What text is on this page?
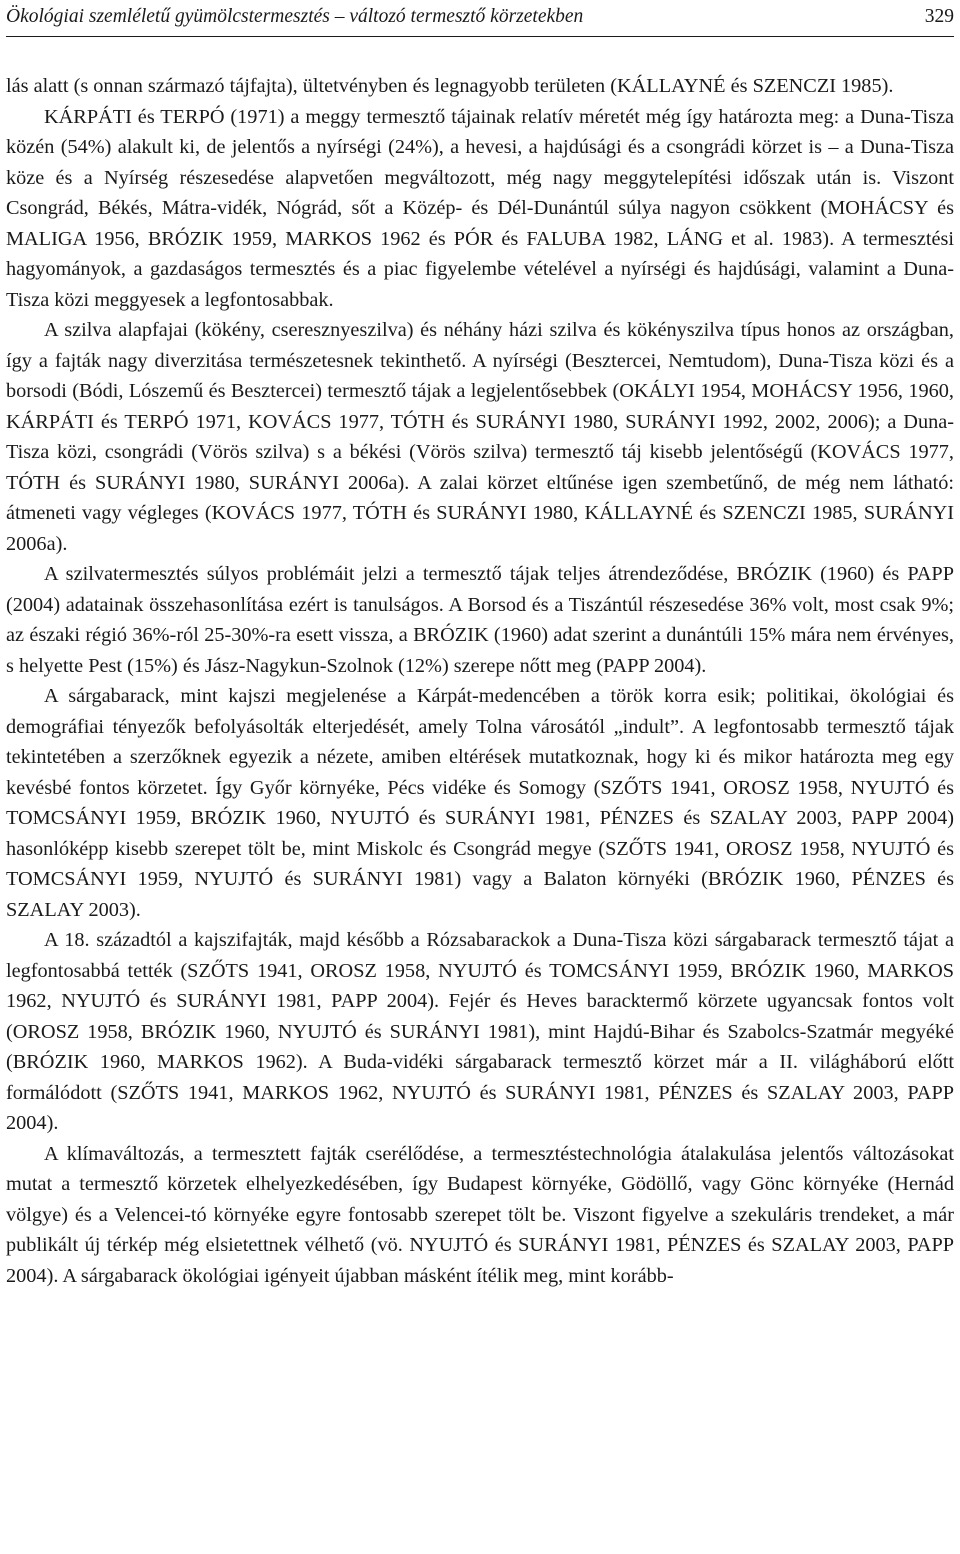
Ökológiai szemléletű gyümölcstermesztés – változó termesztő körzetekben	329

lás alatt (s onnan származó tájfajta), ültetvényben és legnagyobb területen (KÁLLAYNÉ és SZENCZI 1985).

KÁRPÁTI és TERPÓ (1971) a meggy termesztő tájainak relatív méretét még így határozta meg: a Duna-Tisza közén (54%) alakult ki, de jelentős a nyírségi (24%), a hevesi, a hajdúsági és a csongrádi körzet is – a Duna-Tisza köze és a Nyírség részesedése alapvetően megváltozott, még nagy meggytelepítési időszak után is. Viszont Csongrád, Békés, Mátra-vidék, Nógrád, sőt a Közép- és Dél-Dunántúl súlya nagyon csökkent (MOHÁCSY és MALIGA 1956, BRÓZIK 1959, MARKOS 1962 és PÓR és FALUBA 1982, LÁNG et al. 1983). A termesztési hagyományok, a gazdaságos termesztés és a piac figyelembe vételével a nyírségi és hajdúsági, valamint a Duna-Tisza közi meggyesek a legfontosabbak.

A szilva alapfajai (kökény, cseresznyeszilva) és néhány házi szilva és kökényszilva típus honos az országban, így a fajták nagy diverzitása természetesnek tekinthető. A nyírségi (Besztercei, Nemtudom), Duna-Tisza közi és a borsodi (Bódi, Lószemű és Besztercei) termesztő tájak a legjelentősebbek (OKÁLYI 1954, MOHÁCSY 1956, 1960, KÁRPÁTI és TERPÓ 1971, KOVÁCS 1977, TÓTH és SURÁNYI 1980, SURÁNYI 1992, 2002, 2006); a Duna-Tisza közi, csongrádi (Vörös szilva) s a békési (Vörös szilva) termesztő táj kisebb jelentőségű (KOVÁCS 1977, TÓTH és SURÁNYI 1980, SURÁNYI 2006a). A zalai körzet eltűnése igen szembetűnő, de még nem látható: átmeneti vagy végleges (KOVÁCS 1977, TÓTH és SURÁNYI 1980, KÁLLAYNÉ és SZENCZI 1985, SURÁNYI 2006a).

A szilvatermesztés súlyos problémáit jelzi a termesztő tájak teljes átrendeződése, BRÓZIK (1960) és PAPP (2004) adatainak összehasonlítása ezért is tanulságos. A Borsod és a Tiszántúl részesedése 36% volt, most csak 9%; az északi régió 36%-ról 25-30%-ra esett vissza, a BRÓZIK (1960) adat szerint a dunántúli 15% mára nem érvényes, s helyette Pest (15%) és Jász-Nagykun-Szolnok (12%) szerepe nőtt meg (PAPP 2004).

A sárgabarack, mint kajszi megjelenése a Kárpát-medencében a török korra esik; politikai, ökológiai és demográfiai tényezők befolyásolták elterjedését, amely Tolna városától „indult”. A legfontosabb termesztő tájak tekintetében a szerzőknek egyezik a nézete, amiben eltérések mutatkoznak, hogy ki és mikor határozta meg egy kevésbé fontos körzetet. Így Győr környéke, Pécs vidéke és Somogy (SZŐTS 1941, OROSZ 1958, NYUJTÓ és TOMCSÁNYI 1959, BRÓZIK 1960, NYUJTÓ és SURÁNYI 1981, PÉNZES és SZALAY 2003, PAPP 2004) hasonlóképp kisebb szerepet tölt be, mint Miskolc és Csongrád megye (SZŐTS 1941, OROSZ 1958, NYUJTÓ és TOMCSÁNYI 1959, NYUJTÓ és SURÁNYI 1981) vagy a Balaton környéki (BRÓZIK 1960, PÉNZES és SZALAY 2003).

A 18. századtól a kajszifajták, majd később a Rózsabarackok a Duna-Tisza közi sárgabarack termesztő tájat a legfontosabbá tették (SZŐTS 1941, OROSZ 1958, NYUJTÓ és TOMCSÁNYI 1959, BRÓZIK 1960, MARKOS 1962, NYUJTÓ és SURÁNYI 1981, PAPP 2004). Fejér és Heves baracktermő körzete ugyancsak fontos volt (OROSZ 1958, BRÓZIK 1960, NYUJTÓ és SURÁNYI 1981), mint Hajdú-Bihar és Szabolcs-Szatmár megyéké (BRÓZIK 1960, MARKOS 1962). A Buda-vidéki sárgabarack termesztő körzet már a II. világháború előtt formálódott (SZŐTS 1941, MARKOS 1962, NYUJTÓ és SURÁNYI 1981, PÉNZES és SZALAY 2003, PAPP 2004).

A klímaváltozás, a termesztett fajták cserélődése, a termesztéstechnológia átalakulása jelentős változásokat mutat a termesztő körzetek elhelyezkedésében, így Budapest környéke, Gödöllő, vagy Gönc környéke (Hernád völgye) és a Velencei-tó környéke egyre fontosabb szerepet tölt be. Viszont figyelve a szekuláris trendeket, a már publikált új térkép még elsietettnek vélhető (vö. NYUJTÓ és SURÁNYI 1981, PÉNZES és SZALAY 2003, PAPP 2004). A sárgabarack ökológiai igényeit újabban másként ítélik meg, mint korább-
